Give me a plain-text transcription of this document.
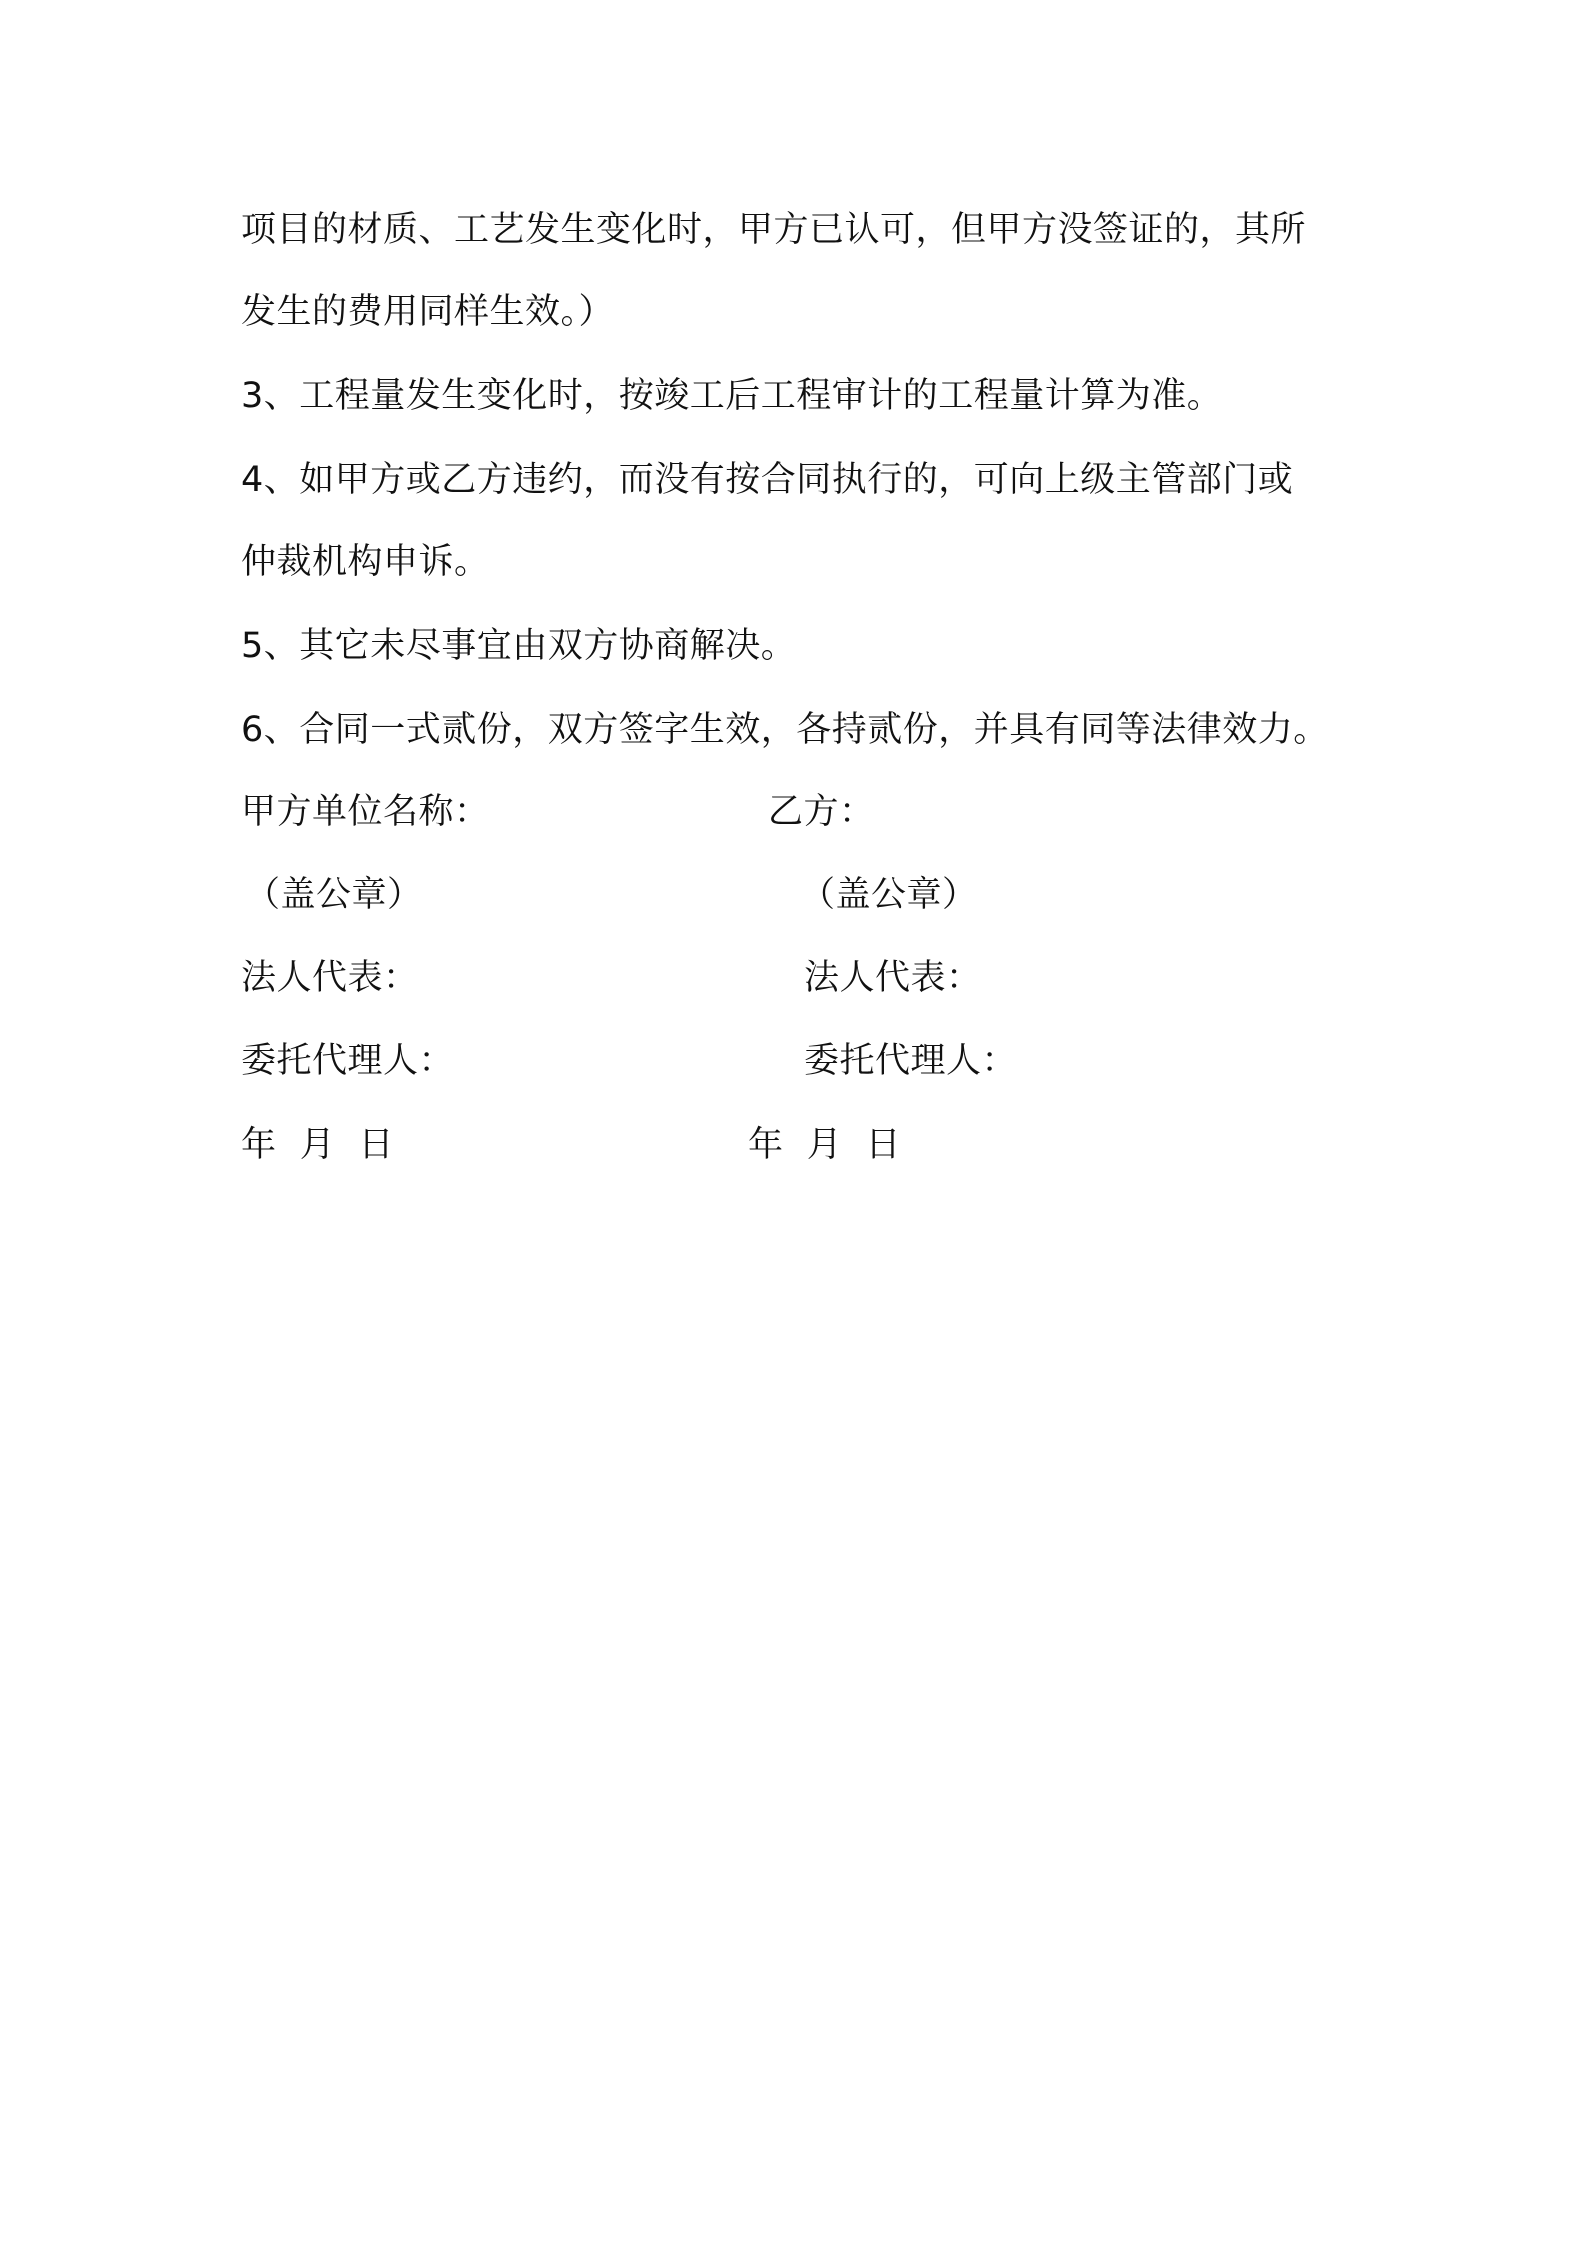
项目的材质、工艺发生变化时，甲方已认可，但甲方没签证的，其所
发生的费用同样生效。）
3、工程量发生变化时，按竣工后工程审计的工程量计算为准。
4、如甲方或乙方违约，而没有按合同执行的，可向上级主管部门或
仲裁机构申诉。
5、其它未尽事宜由双方协商解决。
6、合同一式贰份，双方签字生效，各持贰份，并具有同等法律效力。
甲方单位名称：
（盖公章）
法人代表：
委托代理人：
年  月  日
乙方：
（盖公章）
法人代表：
委托代理人：
年  月  日
